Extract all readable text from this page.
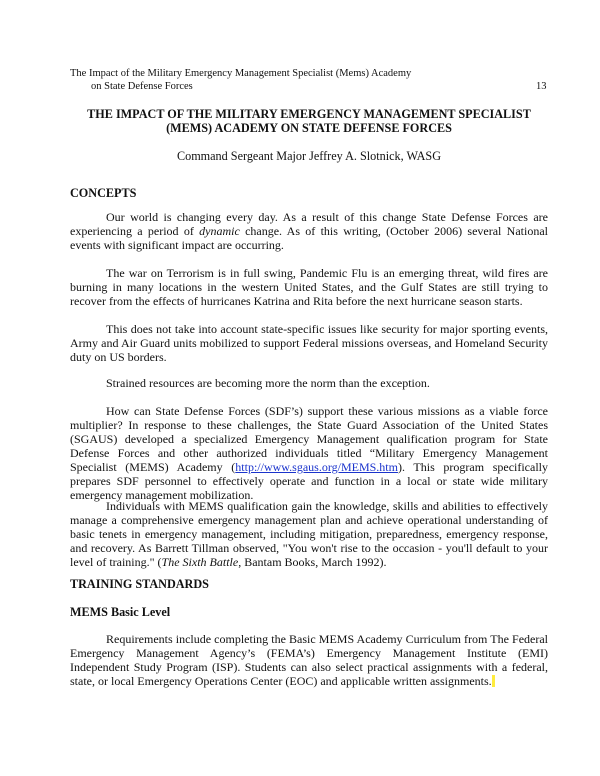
The Impact of the Military Emergency Management Specialist (Mems) Academy
on State Defense Forces	13
THE IMPACT OF THE MILITARY EMERGENCY MANAGEMENT SPECIALIST
(MEMS) ACADEMY ON STATE DEFENSE FORCES
Command Sergeant Major Jeffrey A. Slotnick, WASG
CONCEPTS

Our world is changing every day. As a result of this change State Defense Forces are experiencing a period of dynamic change. As of this writing, (October 2006) several National events with significant impact are occurring.

The war on Terrorism is in full swing, Pandemic Flu is an emerging threat, wild fires are burning in many locations in the western United States, and the Gulf States are still trying to recover from the effects of hurricanes Katrina and Rita before the next hurricane season starts.

This does not take into account state-specific issues like security for major sporting events, Army and Air Guard units mobilized to support Federal missions overseas, and Homeland Security duty on US borders.

Strained resources are becoming more the norm than the exception.

How can State Defense Forces (SDF’s) support these various missions as a viable force multiplier? In response to these challenges, the State Guard Association of the United States (SGAUS) developed a specialized Emergency Management qualification program for State Defense Forces and other authorized individuals titled “Military Emergency Management Specialist (MEMS) Academy (http://www.sgaus.org/MEMS.htm). This program specifically prepares SDF personnel to effectively operate and function in a local or state wide military emergency management mobilization.

Individuals with MEMS qualification gain the knowledge, skills and abilities to effectively manage a comprehensive emergency management plan and achieve operational understanding of basic tenets in emergency management, including mitigation, preparedness, emergency response, and recovery. As Barrett Tillman observed, "You won't rise to the occasion - you'll default to your level of training." (The Sixth Battle, Bantam Books, March 1992).

TRAINING STANDARDS
MEMS Basic Level

Requirements include completing the Basic MEMS Academy Curriculum from The Federal Emergency Management Agency’s (FEMA’s) Emergency Management Institute (EMI) Independent Study Program (ISP). Students can also select practical assignments with a federal, state, or local Emergency Operations Center (EOC) and applicable written assignments.
